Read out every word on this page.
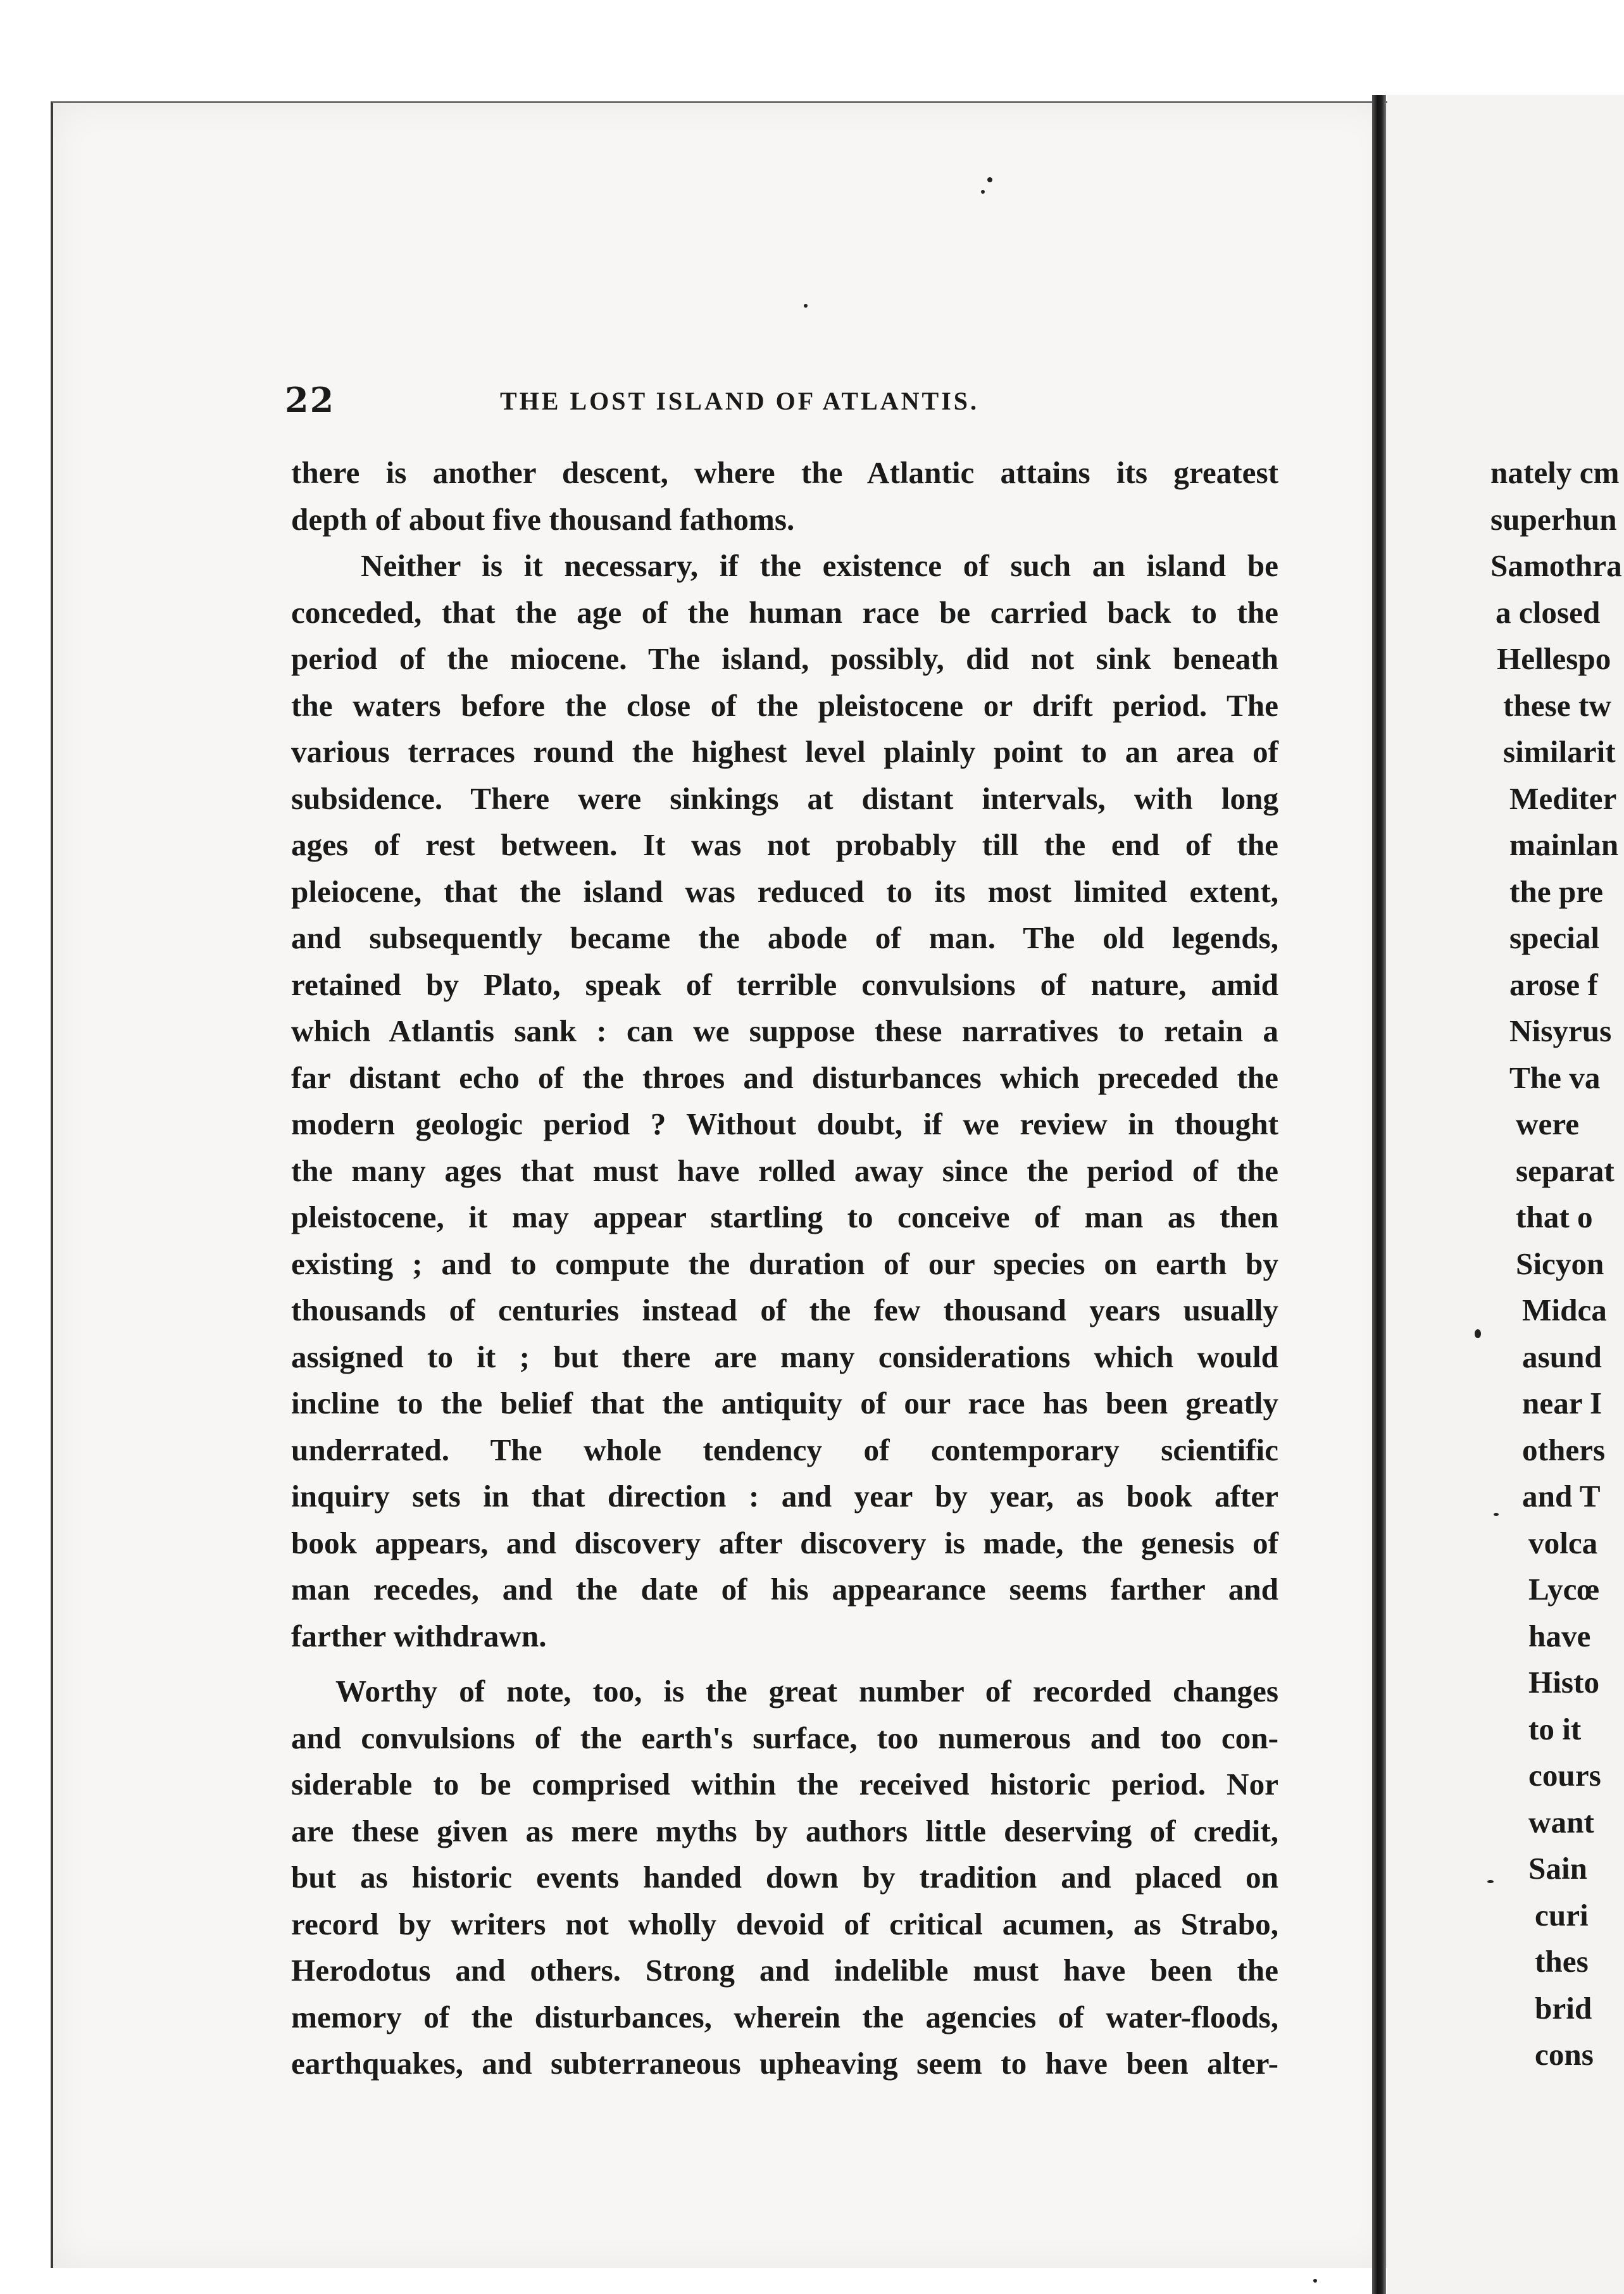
22	THE LOST ISLAND OF ATLANTIS.
there is another descent, where the Atlantic attains its greatest
depth of about five thousand fathoms.
Neither is it necessary, if the existence of such an island be
conceded, that the age of the human race be carried back to the
period of the miocene. The island, possibly, did not sink beneath
the waters before the close of the pleistocene or drift period. The
various terraces round the highest level plainly point to an area of
subsidence. There were sinkings at distant intervals, with long
ages of rest between. It was not probably till the end of the
pleiocene, that the island was reduced to its most limited extent,
and subsequently became the abode of man. The old legends,
retained by Plato, speak of terrible convulsions of nature, amid
which Atlantis sank : can we suppose these narratives to retain a
far distant echo of the throes and disturbances which preceded the
modern geologic period ? Without doubt, if we review in thought
the many ages that must have rolled away since the period of the
pleistocene, it may appear startling to conceive of man as then
existing ; and to compute the duration of our species on earth by
thousands of centuries instead of the few thousand years usually
assigned to it ; but there are many considerations which would
incline to the belief that the antiquity of our race has been greatly
underrated. The whole tendency of contemporary scientific
inquiry sets in that direction : and year by year, as book after
book appears, and discovery after discovery is made, the genesis of
man recedes, and the date of his appearance seems farther and
farther withdrawn.
Worthy of note, too, is the great number of recorded changes
and convulsions of the earth's surface, too numerous and too con-
siderable to be comprised within the received historic period. Nor
are these given as mere myths by authors little deserving of credit,
but as historic events handed down by tradition and placed on
record by writers not wholly devoid of critical acumen, as Strabo,
Herodotus and others. Strong and indelible must have been the
memory of the disturbances, wherein the agencies of water-floods,
earthquakes, and subterraneous upheaving seem to have been alter-
nately cm
superhun
Samothra
a closed
Hellespo
these tw
similarit
Mediter
mainlan
the pre
special
arose f
Nisyrus
The va
were
separat
that o
Sicyon
Midca
asund
near I
others
and T
volca
Lycœ
have
Histo
to it
cours
want
Sain
curi
thes
brid
cons
